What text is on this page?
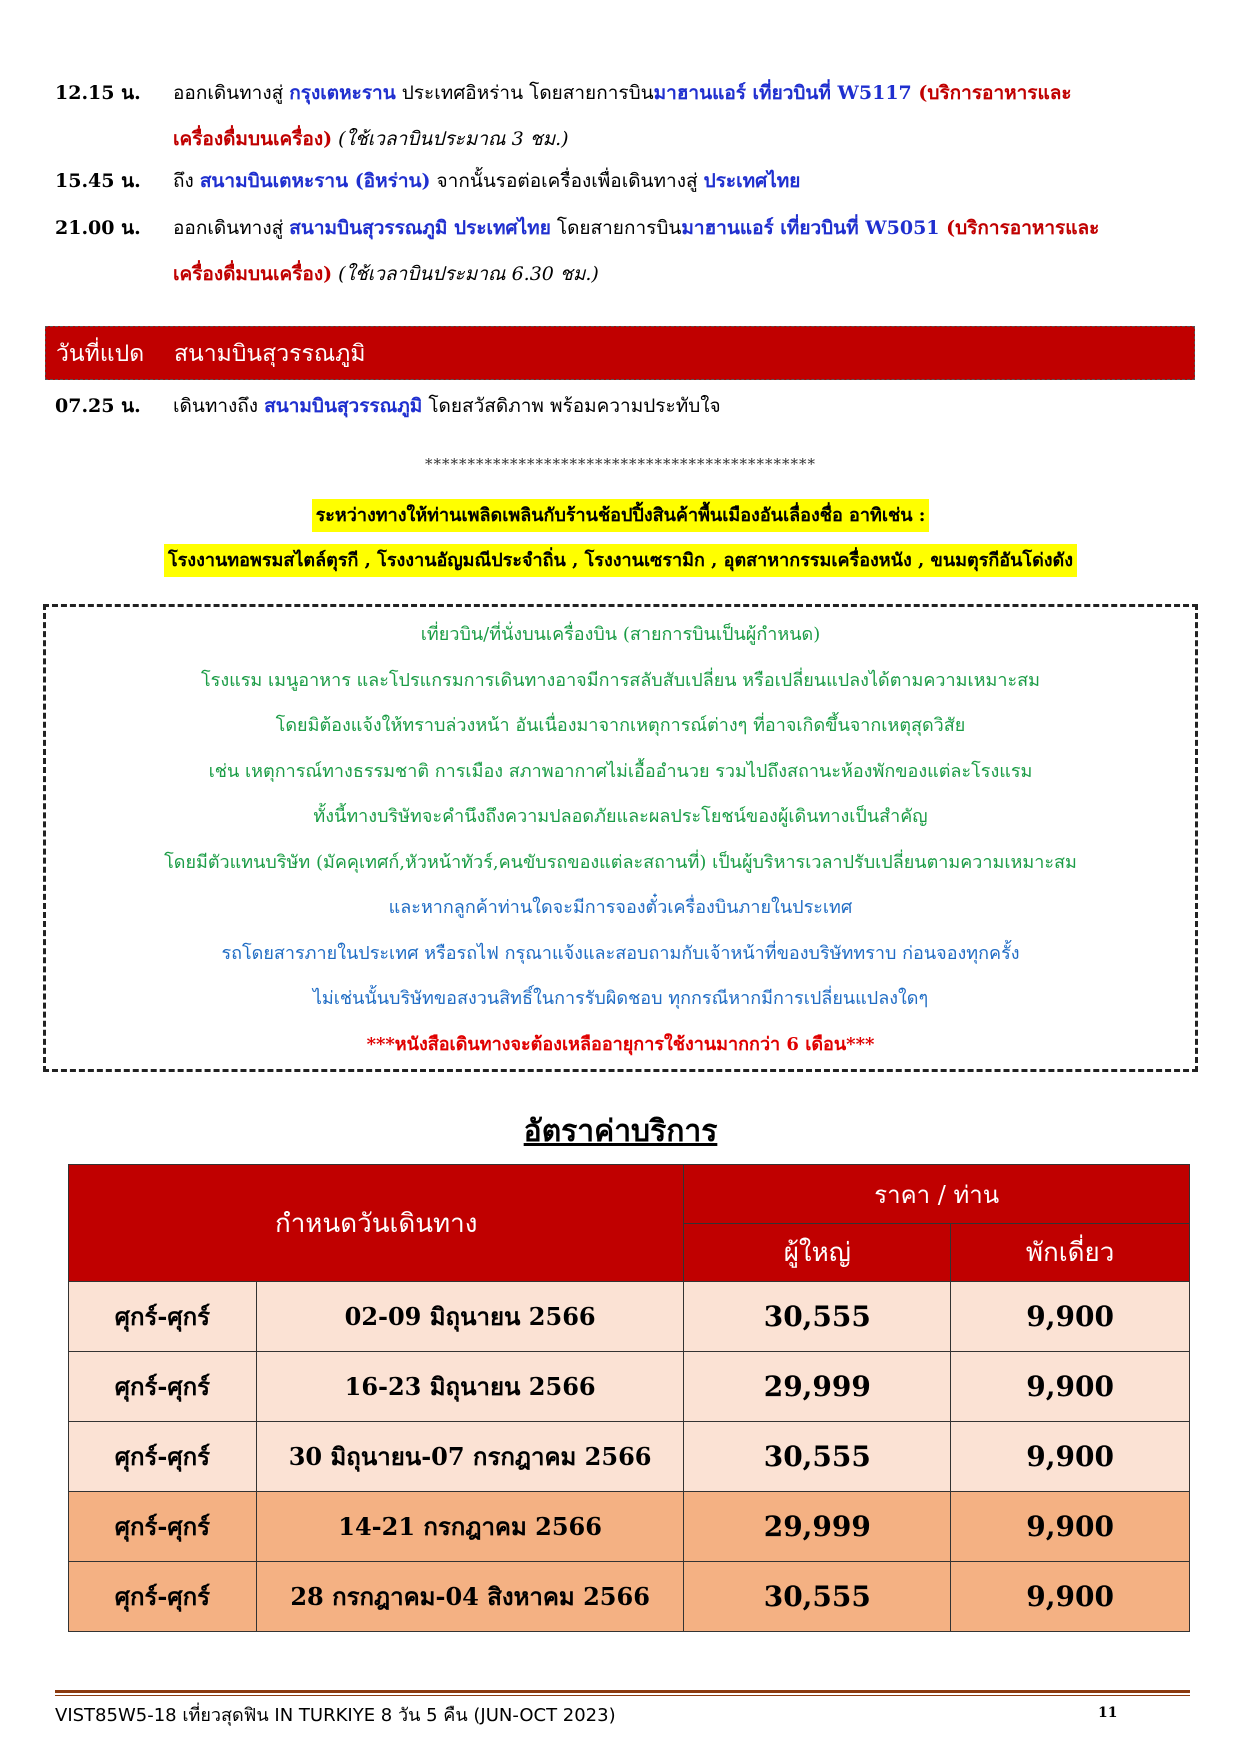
12.15 น.	ออกเดินทางสู่ กรุงเตหะราน ประเทศอิหร่าน โดยสายการบินมาฮานแอร์ เที่ยวบินที่ W5117 (บริการอาหารและ
เครื่องดื่มบนเครื่อง) (ใช้เวลาบินประมาณ 3 ชม.)
15.45 น.	ถึง สนามบินเตหะราน (อิหร่าน) จากนั้นรอต่อเครื่องเพื่อเดินทางสู่ ประเทศไทย
21.00 น.	ออกเดินทางสู่ สนามบินสุวรรณภูมิ ประเทศไทย โดยสายการบินมาฮานแอร์ เที่ยวบินที่ W5051 (บริการอาหารและ
เครื่องดื่มบนเครื่อง) (ใช้เวลาบินประมาณ 6.30 ชม.)
วันที่แปด สนามบินสุวรรณภูมิ
07.25 น.	เดินทางถึง สนามบินสุวรรณภูมิ โดยสวัสดิภาพ พร้อมความประทับใจ
**********************************************
ระหว่างทางให้ท่านเพลิดเพลินกับร้านช้อปปิ้งสินค้าพื้นเมืองอันเลื่องชื่อ อาทิเช่น :
โรงงานทอพรมสไตล์ตุรกี , โรงงานอัญมณีประจำถิ่น , โรงงานเซรามิก , อุตสาหากรรมเครื่องหนัง , ขนมตุรกีอันโด่งดัง
เที่ยวบิน/ที่นั่งบนเครื่องบิน (สายการบินเป็นผู้กำหนด)
โรงแรม เมนูอาหาร และโปรแกรมการเดินทางอาจมีการสลับสับเปลี่ยน หรือเปลี่ยนแปลงได้ตามความเหมาะสม
โดยมิต้องแจ้งให้ทราบล่วงหน้า อันเนื่องมาจากเหตุการณ์ต่างๆ ที่อาจเกิดขึ้นจากเหตุสุดวิสัย
เช่น เหตุการณ์ทางธรรมชาติ การเมือง สภาพอากาศไม่เอื้ออำนวย รวมไปถึงสถานะห้องพักของแต่ละโรงแรม
ทั้งนี้ทางบริษัทจะคำนึงถึงความปลอดภัยและผลประโยชน์ของผู้เดินทางเป็นสำคัญ
โดยมีตัวแทนบริษัท (มัคคุเทศก์,หัวหน้าทัวร์,คนขับรถของแต่ละสถานที่) เป็นผู้บริหารเวลาปรับเปลี่ยนตามความเหมาะสม
และหากลูกค้าท่านใดจะมีการจองตั๋วเครื่องบินภายในประเทศ
รถโดยสารภายในประเทศ หรือรถไฟ กรุณาแจ้งและสอบถามกับเจ้าหน้าที่ของบริษัททราบ ก่อนจองทุกครั้ง
ไม่เช่นนั้นบริษัทขอสงวนสิทธิ์ในการรับผิดชอบ ทุกกรณีหากมีการเปลี่ยนแปลงใดๆ
***หนังสือเดินทางจะต้องเหลืออายุการใช้งานมากกว่า 6 เดือน***
อัตราค่าบริการ
กำหนดวันเดินทาง		ราคา / ท่าน	
		ผู้ใหญ่	พักเดี่ยว
ศุกร์-ศุกร์	02-09 มิถุนายน 2566	30,555	9,900
ศุกร์-ศุกร์	16-23 มิถุนายน 2566	29,999	9,900
ศุกร์-ศุกร์	30 มิถุนายน-07 กรกฎาคม 2566	30,555	9,900
ศุกร์-ศุกร์	14-21 กรกฎาคม 2566	29,999	9,900
ศุกร์-ศุกร์	28 กรกฎาคม-04 สิงหาคม 2566	30,555	9,900
VIST85W5-18 เที่ยวสุดฟิน IN TURKIYE 8 วัน 5 คืน (JUN-OCT 2023)	11
